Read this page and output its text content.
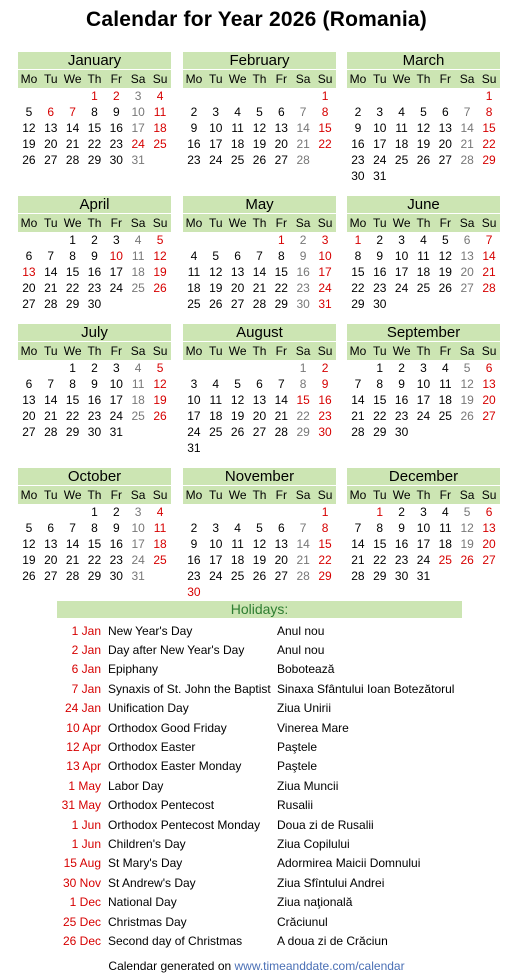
Calendar for Year 2026 (Romania)
January
Mo	Tu	We	Th	Fr	Sa	Su
			1	2	3	4
5	6	7	8	9	10	11
12	13	14	15	16	17	18
19	20	21	22	23	24	25
26	27	28	29	30	31	
February
Mo	Tu	We	Th	Fr	Sa	Su
						1
2	3	4	5	6	7	8
9	10	11	12	13	14	15
16	17	18	19	20	21	22
23	24	25	26	27	28	
March
Mo	Tu	We	Th	Fr	Sa	Su
						1
2	3	4	5	6	7	8
9	10	11	12	13	14	15
16	17	18	19	20	21	22
23	24	25	26	27	28	29
30	31					
April
Mo	Tu	We	Th	Fr	Sa	Su
		1	2	3	4	5
6	7	8	9	10	11	12
13	14	15	16	17	18	19
20	21	22	23	24	25	26
27	28	29	30			
May
Mo	Tu	We	Th	Fr	Sa	Su
				1	2	3
4	5	6	7	8	9	10
11	12	13	14	15	16	17
18	19	20	21	22	23	24
25	26	27	28	29	30	31
June
Mo	Tu	We	Th	Fr	Sa	Su
1	2	3	4	5	6	7
8	9	10	11	12	13	14
15	16	17	18	19	20	21
22	23	24	25	26	27	28
29	30					
July
Mo	Tu	We	Th	Fr	Sa	Su
		1	2	3	4	5
6	7	8	9	10	11	12
13	14	15	16	17	18	19
20	21	22	23	24	25	26
27	28	29	30	31		
August
Mo	Tu	We	Th	Fr	Sa	Su
					1	2
3	4	5	6	7	8	9
10	11	12	13	14	15	16
17	18	19	20	21	22	23
24	25	26	27	28	29	30
31						
September
Mo	Tu	We	Th	Fr	Sa	Su
	1	2	3	4	5	6
7	8	9	10	11	12	13
14	15	16	17	18	19	20
21	22	23	24	25	26	27
28	29	30				
October
Mo	Tu	We	Th	Fr	Sa	Su
			1	2	3	4
5	6	7	8	9	10	11
12	13	14	15	16	17	18
19	20	21	22	23	24	25
26	27	28	29	30	31	
November
Mo	Tu	We	Th	Fr	Sa	Su
						1
2	3	4	5	6	7	8
9	10	11	12	13	14	15
16	17	18	19	20	21	22
23	24	25	26	27	28	29
30						
December
Mo	Tu	We	Th	Fr	Sa	Su
	1	2	3	4	5	6
7	8	9	10	11	12	13
14	15	16	17	18	19	20
21	22	23	24	25	26	27
28	29	30	31			
Holidays:
1 Jan	New Year's Day	Anul nou
2 Jan	Day after New Year's Day	Anul nou
6 Jan	Epiphany	Bobotează
7 Jan	Synaxis of St. John the Baptist	Sinaxa Sfântului Ioan Botezătorul
24 Jan	Unification Day	Ziua Unirii
10 Apr	Orthodox Good Friday	Vinerea Mare
12 Apr	Orthodox Easter	Paştele
13 Apr	Orthodox Easter Monday	Paştele
1 May	Labor Day	Ziua Muncii
31 May	Orthodox Pentecost	Rusalii
1 Jun	Orthodox Pentecost Monday	Doua zi de Rusalii
1 Jun	Children's Day	Ziua Copilului
15 Aug	St Mary's Day	Adormirea Maicii Domnului
30 Nov	St Andrew's Day	Ziua Sfîntului Andrei
1 Dec	National Day	Ziua naţională
25 Dec	Christmas Day	Crăciunul
26 Dec	Second day of Christmas	A doua zi de Crăciun
Calendar generated on www.timeanddate.com/calendar
